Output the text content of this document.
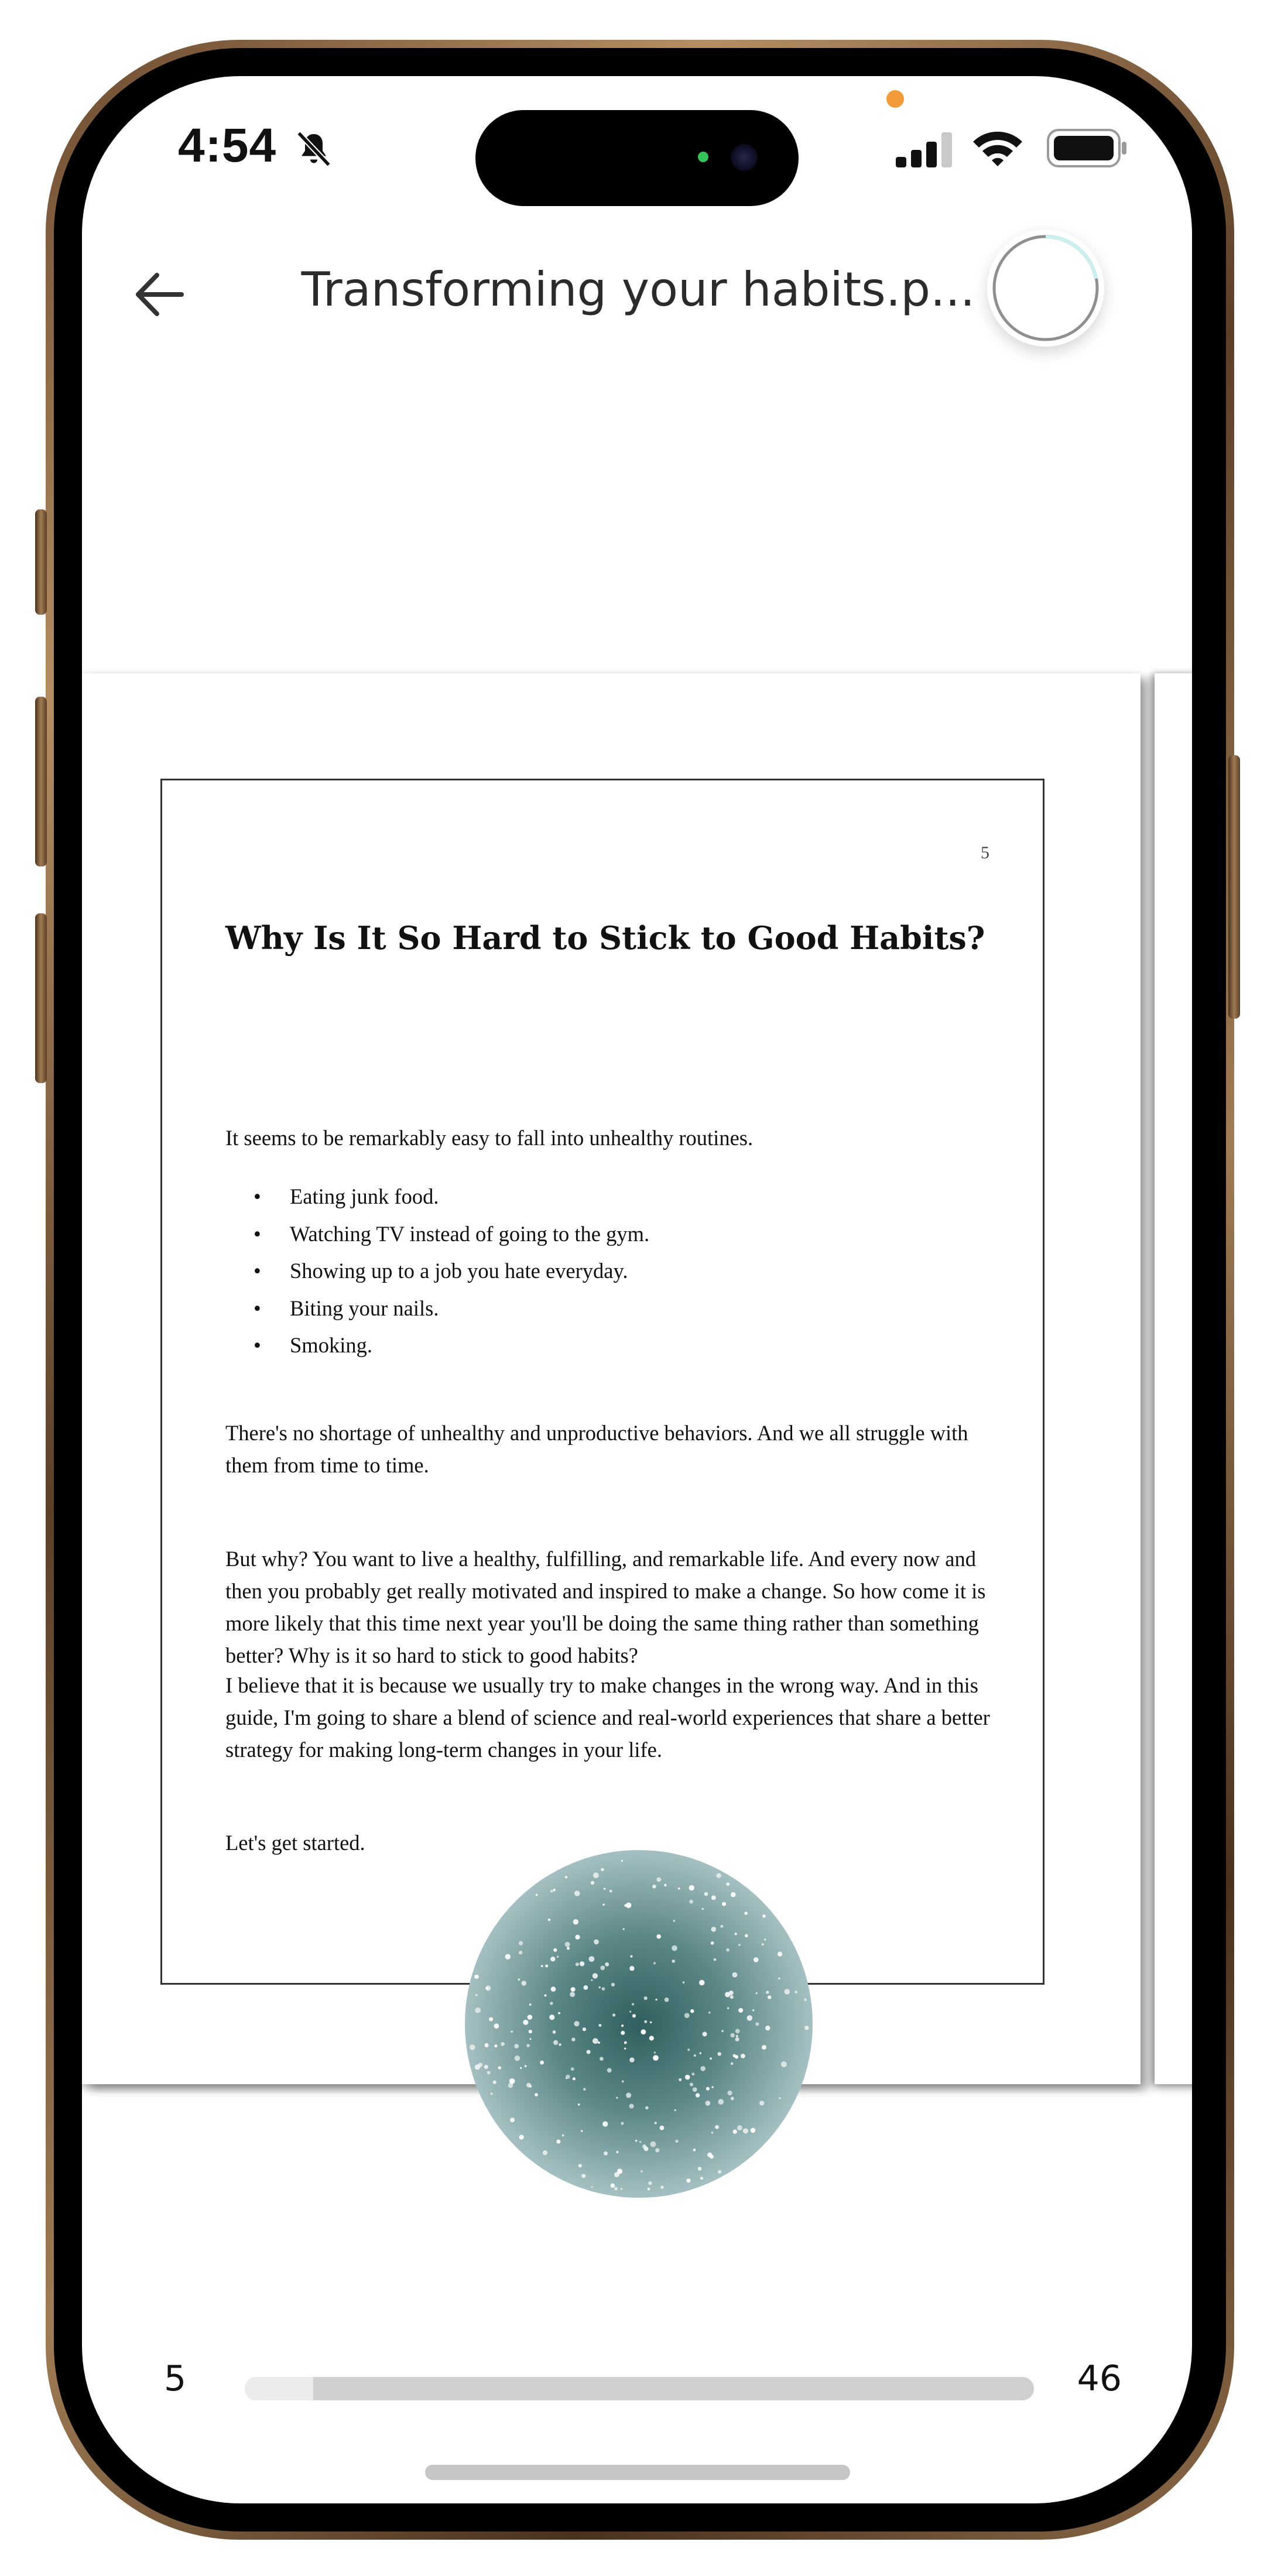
4:54
Transforming your habits.p...
5
Why Is It So Hard to Stick to Good Habits?
It seems to be remarkably easy to fall into unhealthy routines.
• Eating junk food.
• Watching TV instead of going to the gym.
• Showing up to a job you hate everyday.
• Biting your nails.
• Smoking.
There's no shortage of unhealthy and unproductive behaviors. And we all struggle with them from time to time.
But why? You want to live a healthy, fulfilling, and remarkable life. And every now and then you probably get really motivated and inspired to make a change. So how come it is more likely that this time next year you'll be doing the same thing rather than something better? Why is it so hard to stick to good habits?
I believe that it is because we usually try to make changes in the wrong way. And in this guide, I'm going to share a blend of science and real-world experiences that share a better strategy for making long-term changes in your life.
Let's get started.
5	46
